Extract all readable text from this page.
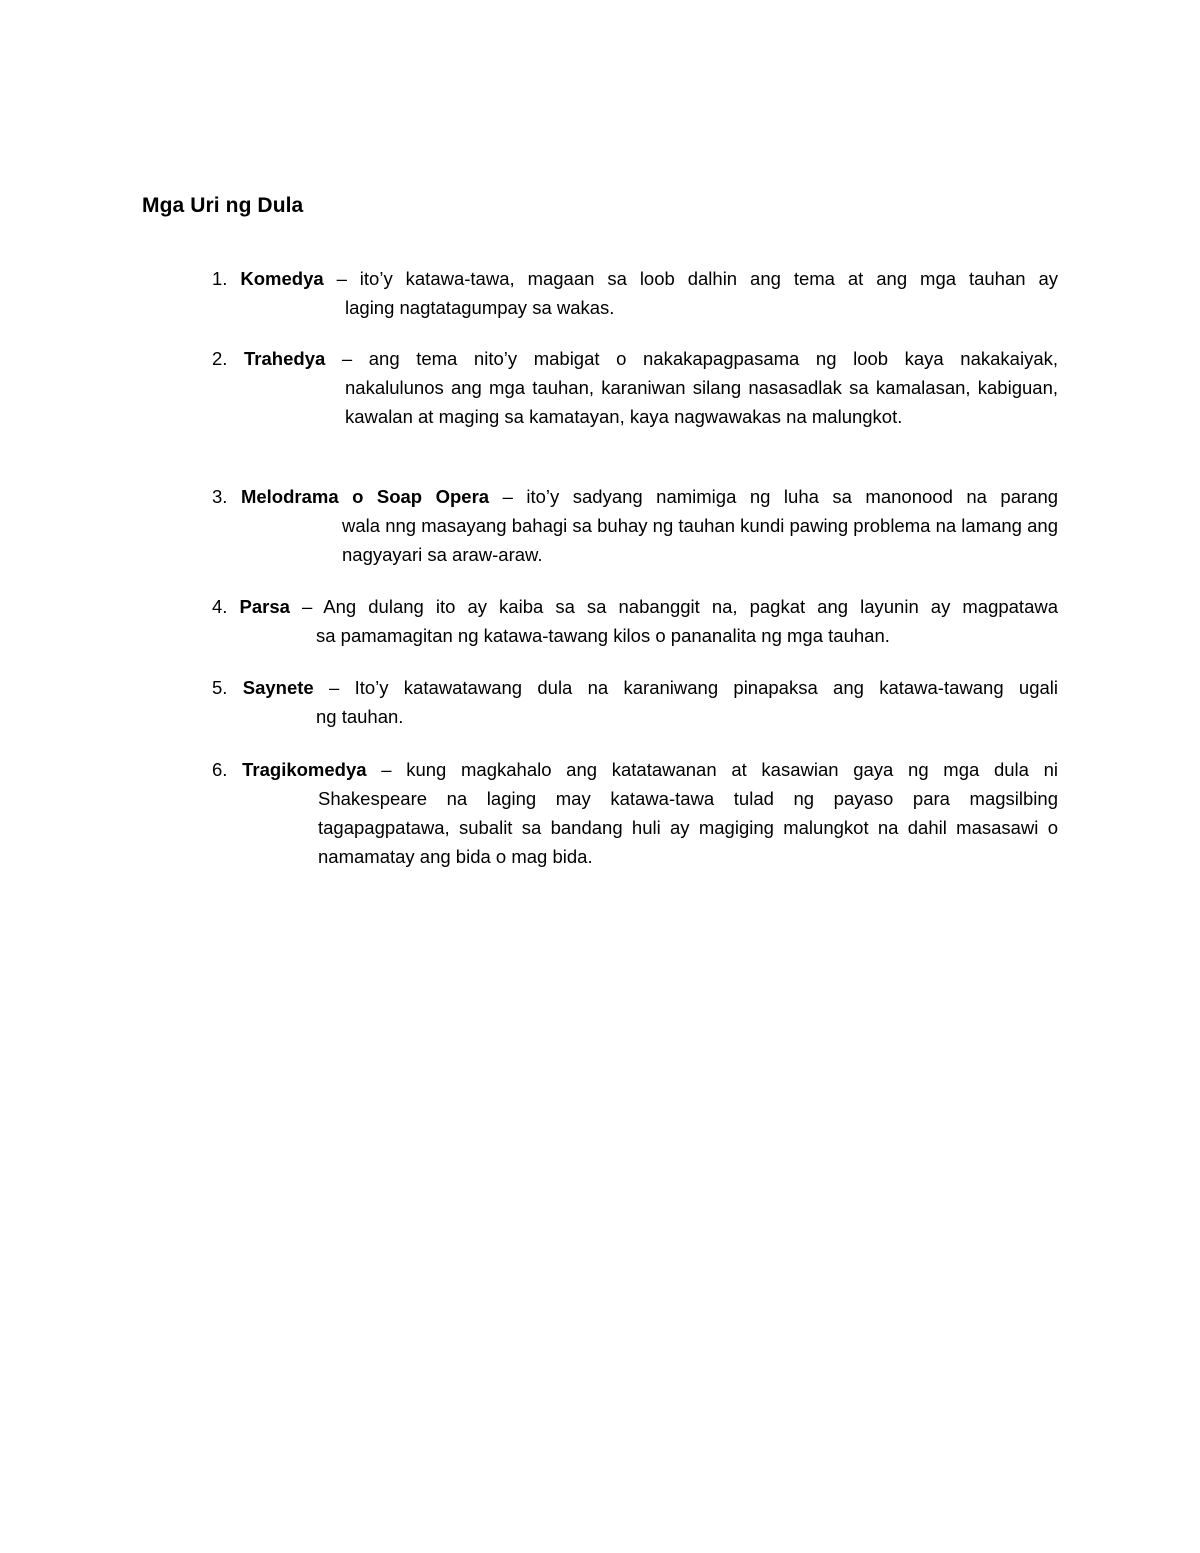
Mga Uri ng Dula
1. Komedya – ito’y katawa-tawa, magaan sa loob dalhin ang tema at ang mga tauhan ay
laging nagtatagumpay sa wakas.
2. Trahedya – ang tema nito’y mabigat o nakakapagpasama ng loob kaya nakakaiyak,
nakalulunos ang mga tauhan, karaniwan silang nasasadlak sa kamalasan, kabiguan, kawalan at maging sa kamatayan, kaya nagwawakas na malungkot.
3. Melodrama o Soap Opera – ito’y sadyang namimiga ng luha sa manonood na parang
wala nng masayang bahagi sa buhay ng tauhan kundi pawing problema na lamang ang nagyayari sa araw-araw.
4. Parsa – Ang dulang ito ay kaiba sa sa nabanggit na, pagkat ang layunin ay magpatawa
sa pamamagitan ng katawa-tawang kilos o pananalita ng mga tauhan.
5. Saynete – Ito’y katawatawang dula na karaniwang pinapaksa ang katawa-tawang ugali
ng tauhan.
6. Tragikomedya – kung magkahalo ang katatawanan at kasawian gaya ng mga dula ni
Shakespeare na laging may katawa-tawa tulad ng payaso para magsilbing tagapagpatawa, subalit sa bandang huli ay magiging malungkot na dahil masasawi o namamatay ang bida o mag bida.
